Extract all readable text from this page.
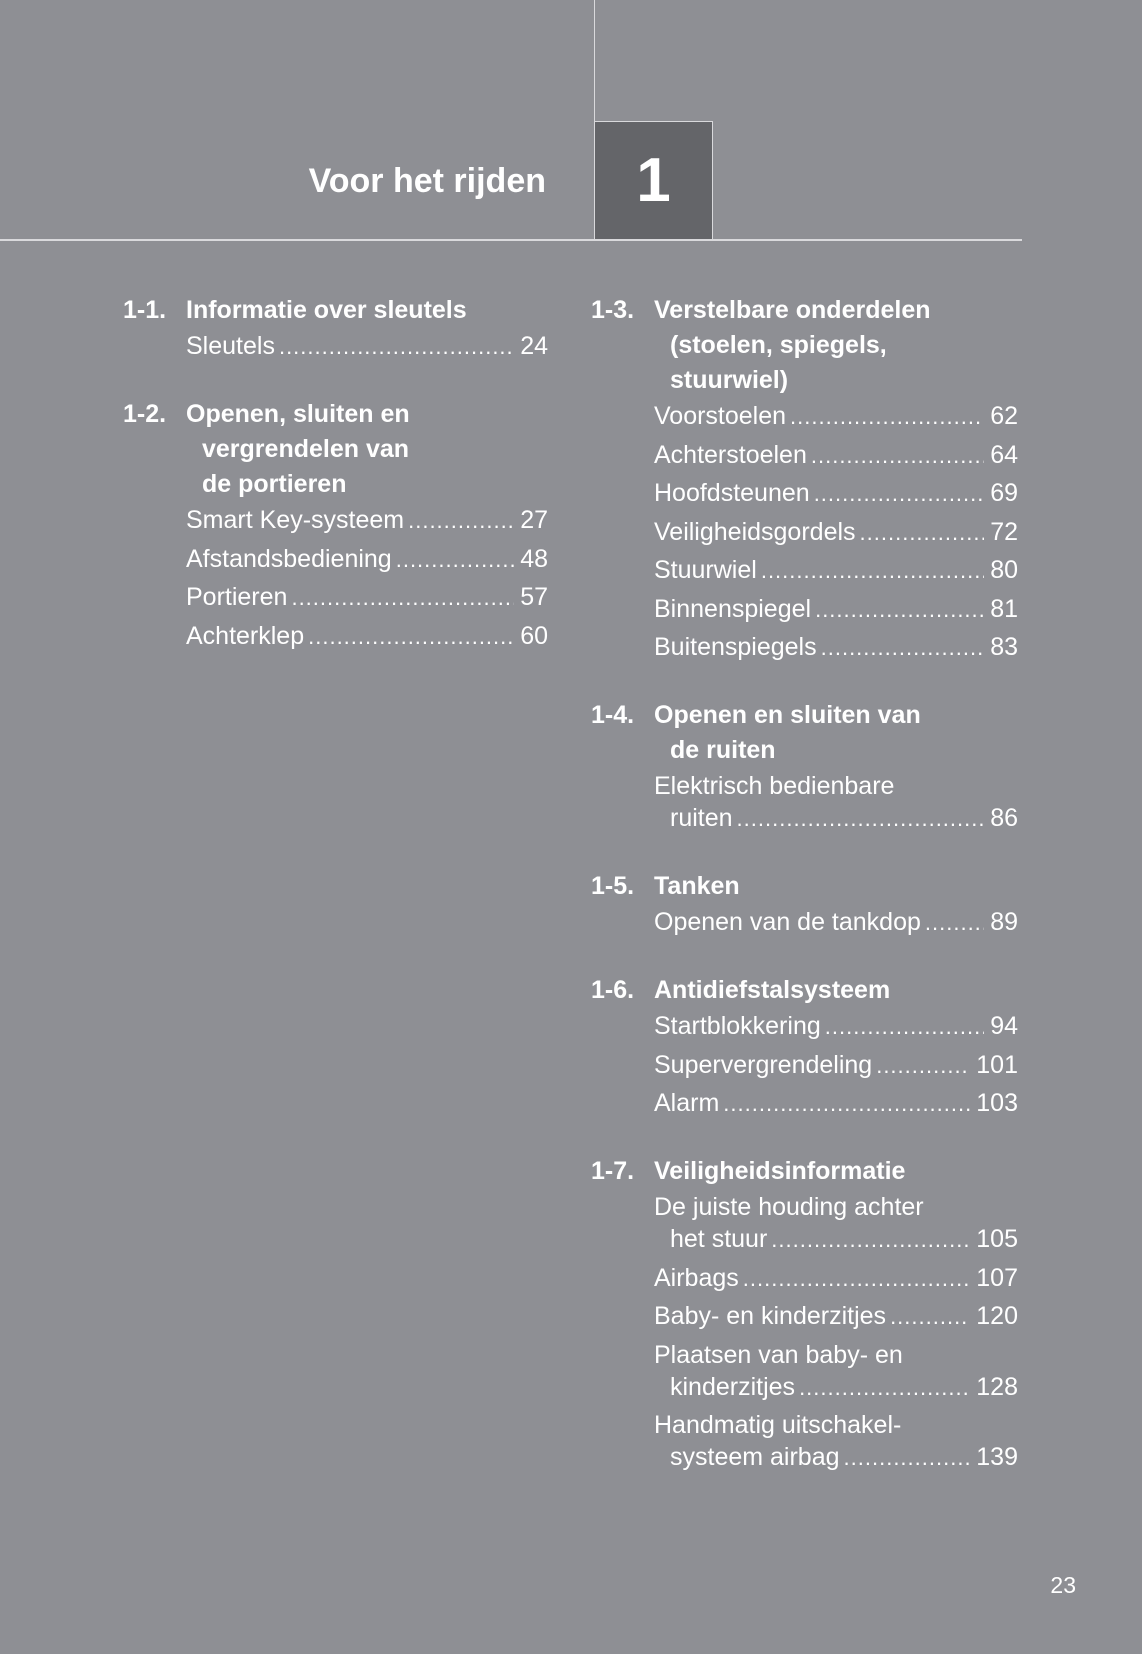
Voor het rijden 1
1-1. Informatie over sleutels
Sleutels .....	24
1-2. Openen, sluiten en
vergrendelen van
de portieren
Smart Key-systeem .....	27
Afstandsbediening .....	48
Portieren .....	57
Achterklep .....	60
1-3. Verstelbare onderdelen
(stoelen, spiegels,
stuurwiel)
Voorstoelen .....	62
Achterstoelen .....	64
Hoofdsteunen .....	69
Veiligheidsgordels .....	72
Stuurwiel .....	80
Binnenspiegel .....	81
Buitenspiegels .....	83
1-4. Openen en sluiten van
de ruiten
Elektrisch bedienbare
ruiten .....	86
1-5. Tanken
Openen van de tankdop .....	89
1-6. Antidiefstalsysteem
Startblokkering .....	94
Supervergrendeling .....	101
Alarm .....	103
1-7. Veiligheidsinformatie
De juiste houding achter
het stuur .....	105
Airbags .....	107
Baby- en kinderzitjes .....	120
Plaatsen van baby- en
kinderzitjes .....	128
Handmatig uitschakel-
systeem airbag .....	139
23
